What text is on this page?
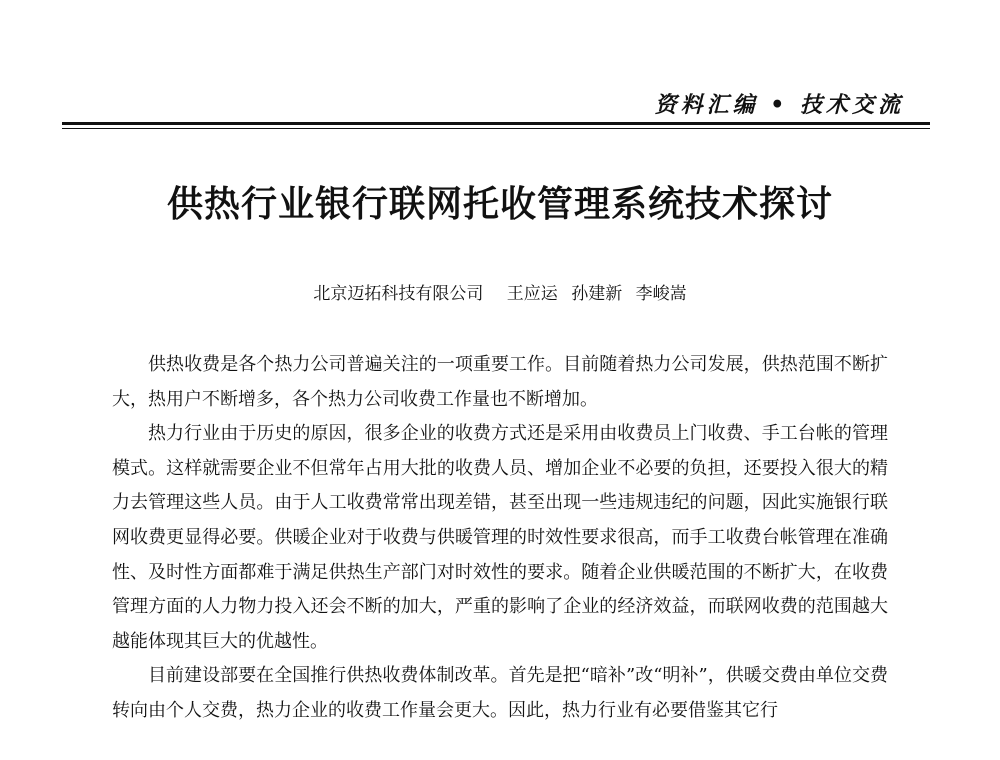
资料汇编 • 技术交流
供热行业银行联网托收管理系统技术探讨
北京迈拓科技有限公司 王应运 孙建新 李峻嵩

供热收费是各个热力公司普遍关注的一项重要工作。目前随着热力公司发展，供热范围不断扩大，热用户不断增多，各个热力公司收费工作量也不断增加。

热力行业由于历史的原因，很多企业的收费方式还是采用由收费员上门收费、手工台帐的管理模式。这样就需要企业不但常年占用大批的收费人员、增加企业不必要的负担，还要投入很大的精力去管理这些人员。由于人工收费常常出现差错，甚至出现一些违规违纪的问题，因此实施银行联网收费更显得必要。供暖企业对于收费与供暖管理的时效性要求很高，而手工收费台帐管理在准确性、及时性方面都难于满足供热生产部门对时效性的要求。随着企业供暖范围的不断扩大，在收费管理方面的人力物力投入还会不断的加大，严重的影响了企业的经济效益，而联网收费的范围越大越能体现其巨大的优越性。

目前建设部要在全国推行供热收费体制改革。首先是把“暗补”改“明补”，供暖交费由单位交费转向由个人交费，热力企业的收费工作量会更大。因此，热力行业有必要借鉴其它行
